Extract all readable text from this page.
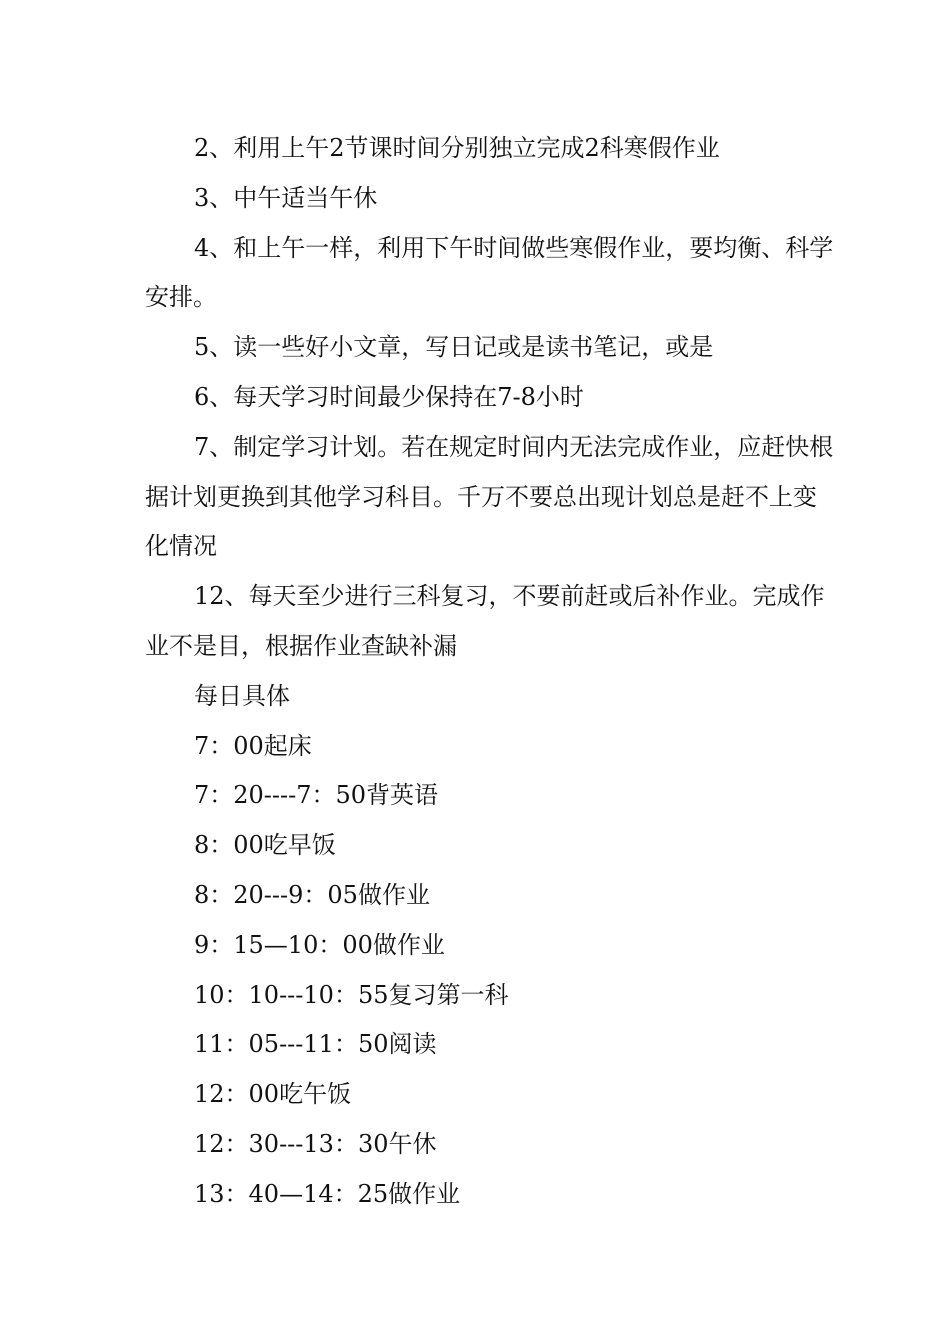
2、利用上午2节课时间分别独立完成2科寒假作业

3、中午适当午休

4、和上午一样，利用下午时间做些寒假作业，要均衡、科学安排。

5、读一些好小文章，写日记或是读书笔记，或是

6、每天学习时间最少保持在7-8小时

7、制定学习计划。若在规定时间内无法完成作业，应赶快根据计划更换到其他学习科目。千万不要总出现计划总是赶不上变化情况

12、每天至少进行三科复习，不要前赶或后补作业。完成作业不是目，根据作业查缺补漏

每日具体

7：00起床

7：20----7：50背英语

8：00吃早饭

8：20---9：05做作业

9：15—10：00做作业

10：10---10：55复习第一科

11：05---11：50阅读

12：00吃午饭

12：30---13：30午休

13：40—14：25做作业
